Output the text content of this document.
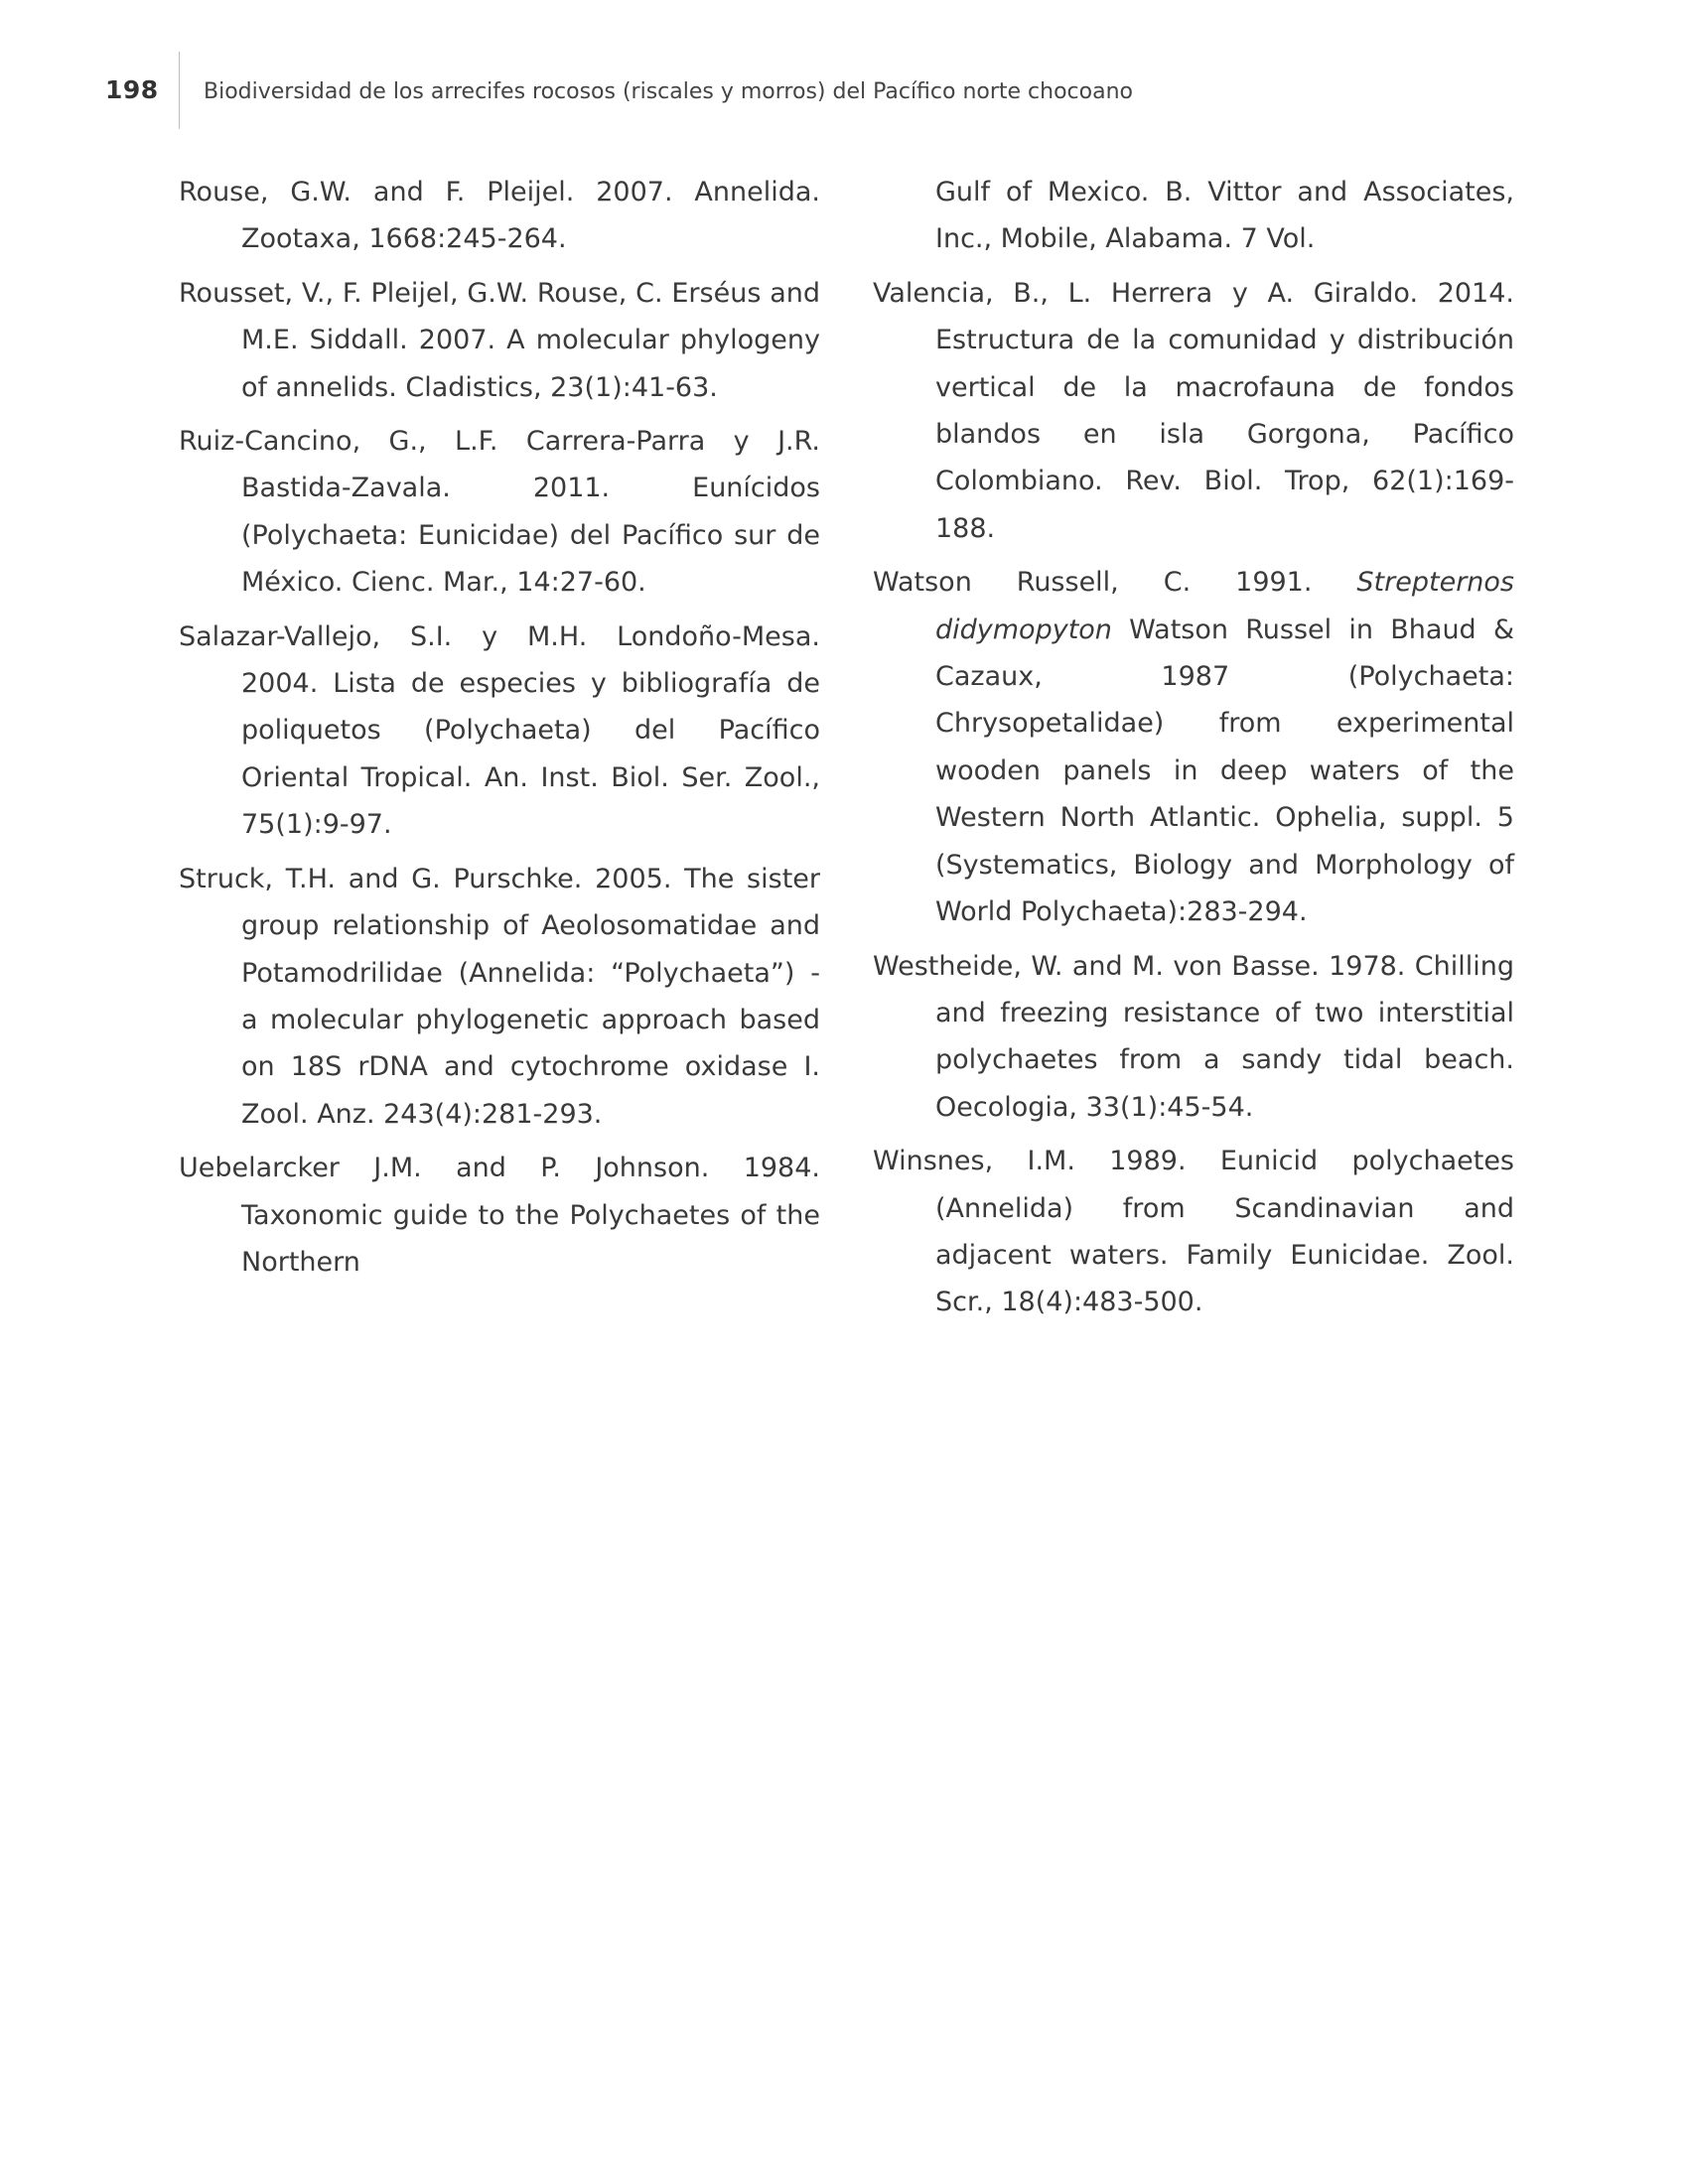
198 Biodiversidad de los arrecifes rocosos (riscales y morros) del Pacífico norte chocoano

Rouse, G.W. and F. Pleijel. 2007. Annelida. Zootaxa, 1668:245-264.

Rousset, V., F. Pleijel, G.W. Rouse, C. Erséus and M.E. Siddall. 2007. A molecular phylogeny of annelids. Cladistics, 23(1):41-63.

Ruiz-Cancino, G., L.F. Carrera-Parra y J.R. Bastida-Zavala. 2011. Eunícidos (Polychaeta: Eunicidae) del Pacífico sur de México. Cienc. Mar., 14:27-60.

Salazar-Vallejo, S.I. y M.H. Londoño-Mesa. 2004. Lista de especies y bibliografía de poliquetos (Polychaeta) del Pacífico Oriental Tropical. An. Inst. Biol. Ser. Zool., 75(1):9-97.

Struck, T.H. and G. Purschke. 2005. The sister group relationship of Aeolosomatidae and Potamodrilidae (Annelida: “Polychaeta”) - a molecular phylogenetic approach based on 18S rDNA and cytochrome oxidase I. Zool. Anz. 243(4):281-293.

Uebelarcker J.M. and P. Johnson. 1984. Taxonomic guide to the Polychaetes of the Northern

Gulf of Mexico. B. Vittor and Associates, Inc., Mobile, Alabama. 7 Vol.

Valencia, B., L. Herrera y A. Giraldo. 2014. Estructura de la comunidad y distribución vertical de la macrofauna de fondos blandos en isla Gorgona, Pacífico Colombiano. Rev. Biol. Trop, 62(1):169-188.

Watson Russell, C. 1991. Strepternos didymopyton Watson Russel in Bhaud & Cazaux, 1987 (Polychaeta: Chrysopetalidae) from experimental wooden panels in deep waters of the Western North Atlantic. Ophelia, suppl. 5 (Systematics, Biology and Morphology of World Polychaeta):283-294.

Westheide, W. and M. von Basse. 1978. Chilling and freezing resistance of two interstitial polychaetes from a sandy tidal beach. Oecologia, 33(1):45-54.

Winsnes, I.M. 1989. Eunicid polychaetes (Annelida) from Scandinavian and adjacent waters. Family Eunicidae. Zool. Scr., 18(4):483-500.
